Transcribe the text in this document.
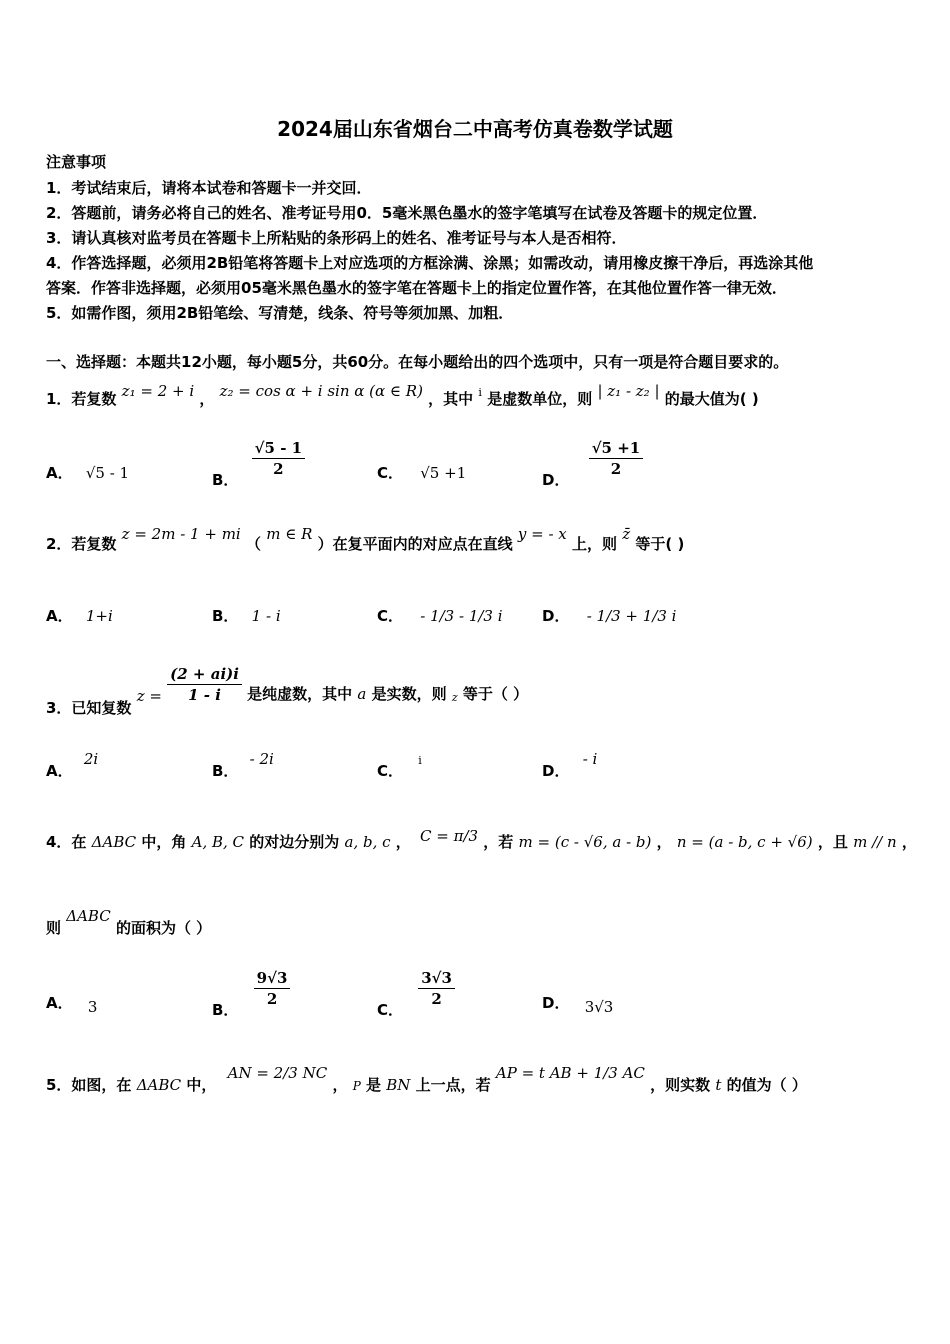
2024届山东省烟台二中高考仿真卷数学试题
注意事项
1．考试结束后，请将本试卷和答题卡一并交回．
2．答题前，请务必将自己的姓名、准考证号用0．5毫米黑色墨水的签字笔填写在试卷及答题卡的规定位置．
3．请认真核对监考员在答题卡上所粘贴的条形码上的姓名、准考证号与本人是否相符．
4．作答选择题，必须用2B铅笔将答题卡上对应选项的方框涂满、涂黑；如需改动，请用橡皮擦干净后，再选涂其他
答案．作答非选择题，必须用05毫米黑色墨水的签字笔在答题卡上的指定位置作答，在其他位置作答一律无效．
5．如需作图，须用2B铅笔绘、写清楚，线条、符号等须加黑、加粗．
一、选择题：本题共12小题，每小题5分，共60分。在每小题给出的四个选项中，只有一项是符合题目要求的。
1．若复数 z₁ = 2 + i ， z₂ = cos α + i sin α (α ∈ R) ，其中 $^i$ 是虚数单位，则 | z₁ - z₂ | 的最大值为( )
A． √5 - 1	B．
$\frac{√5 - 1}{2}$	C． √5 +1	D．
$\frac{√5 +1}{2}$
2．若复数 z = 2m - 1 + mi （ m ∈ R ）在复平面内的对应点在直线 y = - x 上，则 z̄ 等于( )
A． 1+i	B． 1 - i	C． - 1/3 - 1/3 i	D． - 1/3 + 1/3 i
3．已知复数 $z = \frac{(2 + ai)i}{1 - i}$ 是纯虚数，其中 a 是实数，则 $_z$ 等于（ ）
A． 2i
B． - 2i
C． $^i$
D． - i
4．在 ΔABC 中，角 A, B, C 的对边分别为 a, b, c ， C = π/3 ，若 m = (c - √6, a - b) ， n = (a - b, c + √6) ，且 m // n ，
则 ΔABC 的面积为（ ）
A． 3	B．
$\frac{9√3}{2}$
C．
$\frac{3√3}{2}$	D． 3√3
5．如图，在 ΔABC 中， AN = 2/3 NC ， P 是 BN 上一点，若 AP = t AB + 1/3 AC ，则实数 t 的值为（ ）
